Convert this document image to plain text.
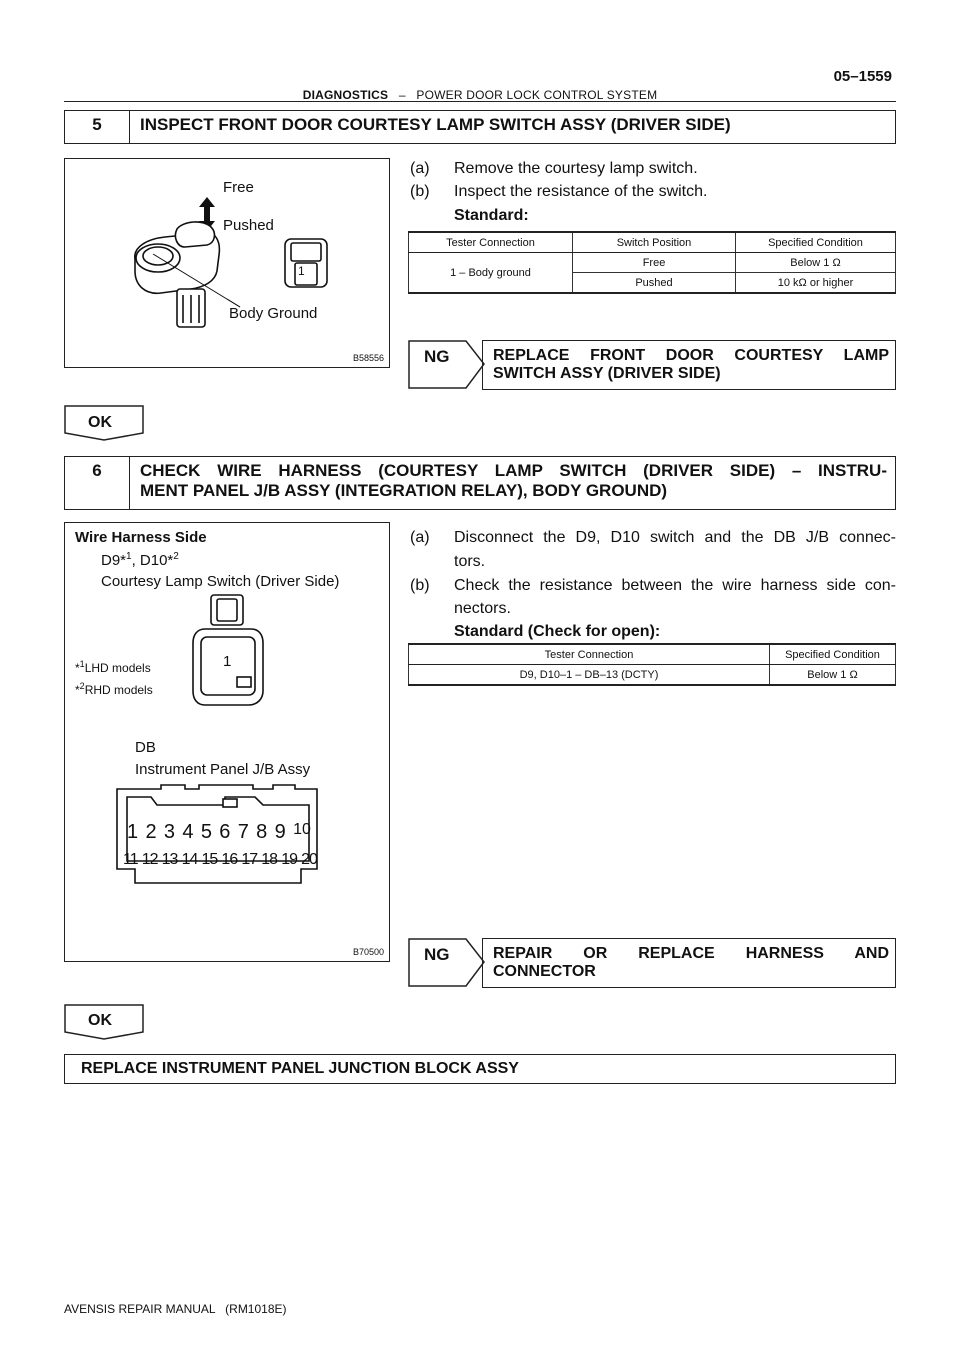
05–1559
DIAGNOSTICS – POWER DOOR LOCK CONTROL SYSTEM
5	INSPECT FRONT DOOR COURTESY LAMP SWITCH ASSY (DRIVER SIDE)
Free
Pushed
Body Ground
1
B58556
(a) Remove the courtesy lamp switch.
(b) Inspect the resistance of the switch.
Standard:
Tester Connection	Switch Position	Specified Condition
1 – Body ground	Free	Below 1 Ω
	Pushed	10 kΩ or higher
NG	REPLACE FRONT DOOR COURTESY LAMP
SWITCH ASSY (DRIVER SIDE)
OK
6	CHECK WIRE HARNESS (COURTESY LAMP SWITCH (DRIVER SIDE) – INSTRU-
MENT PANEL J/B ASSY (INTEGRATION RELAY), BODY GROUND)
Wire Harness Side
D9*$^1$, D10*$^2$
Courtesy Lamp Switch (Driver Side)
1
*$^1$LHD models
*$^2$RHD models
DB
Instrument Panel J/B Assy
1 2 3 4 5 6 7 8 9 10
11 12 13 14 15 16 17 18 19 20
B70500
(a) Disconnect the D9, D10 switch and the DB J/B connec-
tors.
(b) Check the resistance between the wire harness side con-
nectors.
Standard (Check for open):
Tester Connection	Specified Condition
D9, D10–1 – DB–13 (DCTY)	Below 1 Ω
NG	REPAIR OR REPLACE HARNESS AND
CONNECTOR
OK
REPLACE INSTRUMENT PANEL JUNCTION BLOCK ASSY
AVENSIS REPAIR MANUAL   (RM1018E)
